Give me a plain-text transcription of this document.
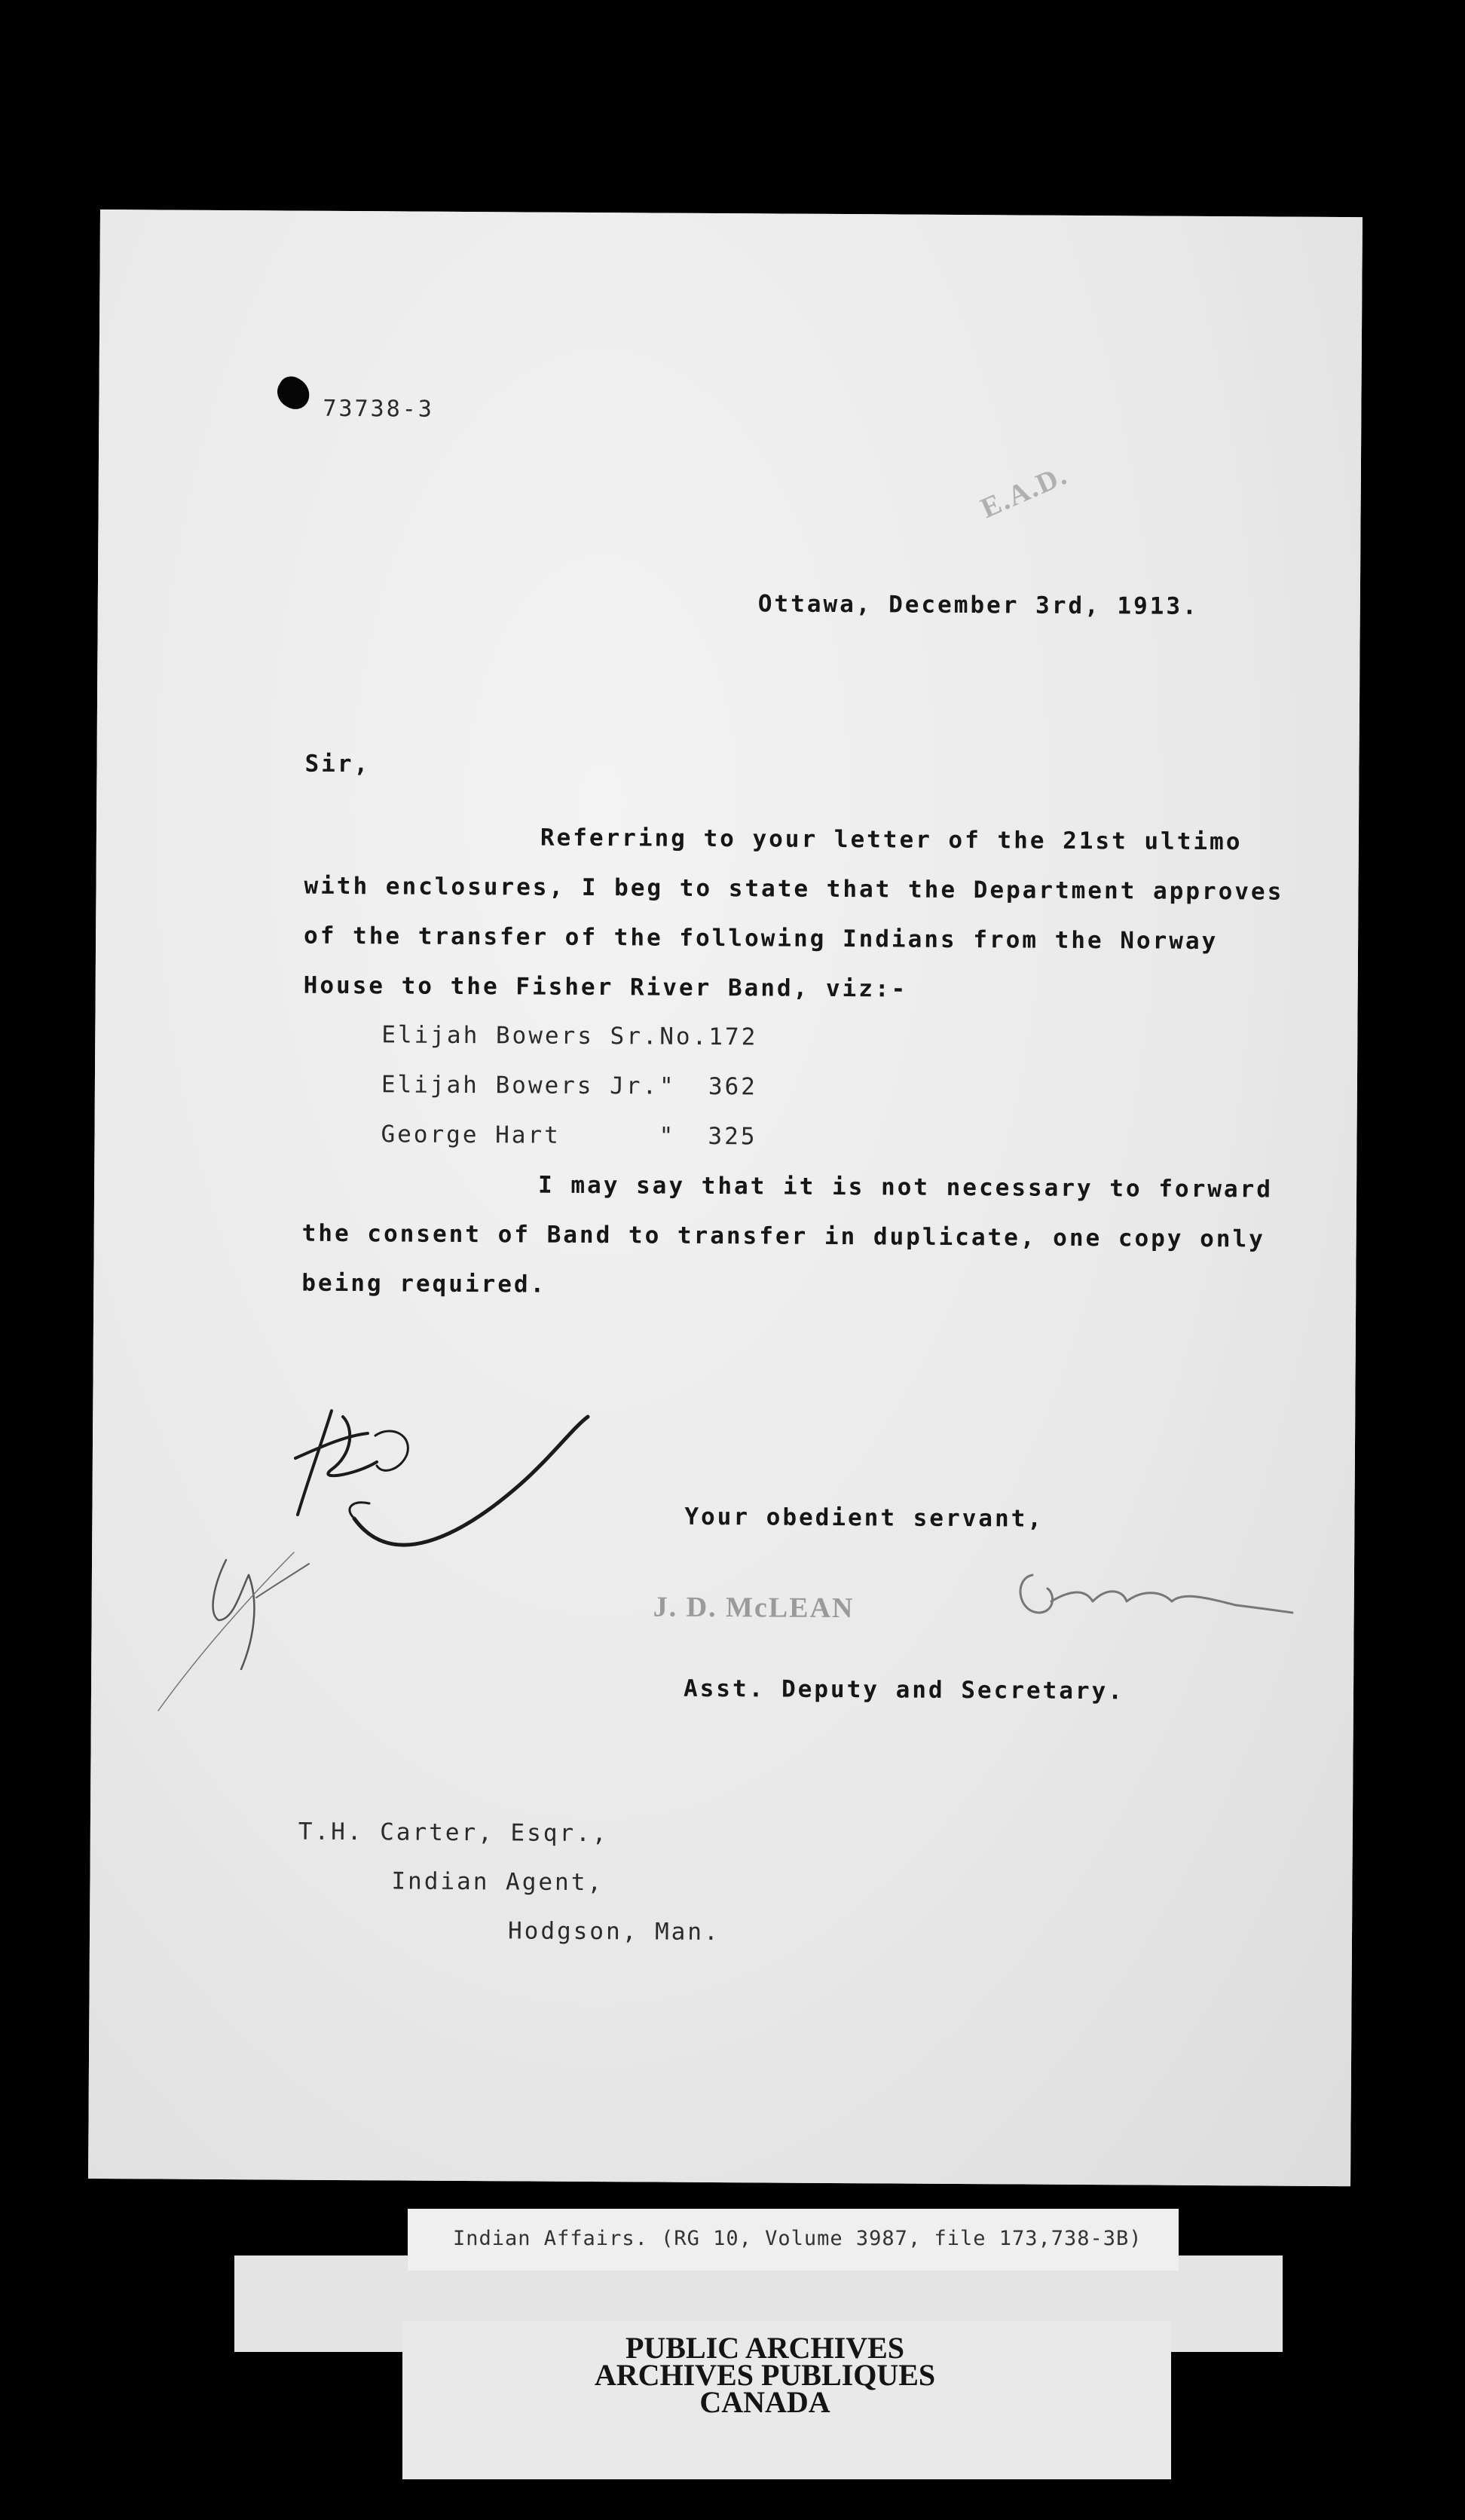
73738-3
E.A.D.
Ottawa, December 3rd, 1913.
Sir,
Referring to your letter of the 21st ultimo
with enclosures, I beg to state that the Department approves
of the transfer of the following Indians from the Norway
House to the Fisher River Band, viz:-
Elijah Bowers Sr. No.172
Elijah Bowers Jr. "  362
George Hart	"  325
I may say that it is not necessary to forward
the consent of Band to transfer in duplicate, one copy only
being required.
Your obedient servant,
J. D. McLEAN
Asst. Deputy and Secretary.
T.H. Carter, Esqr.,
Indian Agent,
Hodgson, Man.
Indian Affairs. (RG 10, Volume 3987, file 173,738-3B)
PUBLIC ARCHIVES
ARCHIVES PUBLIQUES
CANADA
